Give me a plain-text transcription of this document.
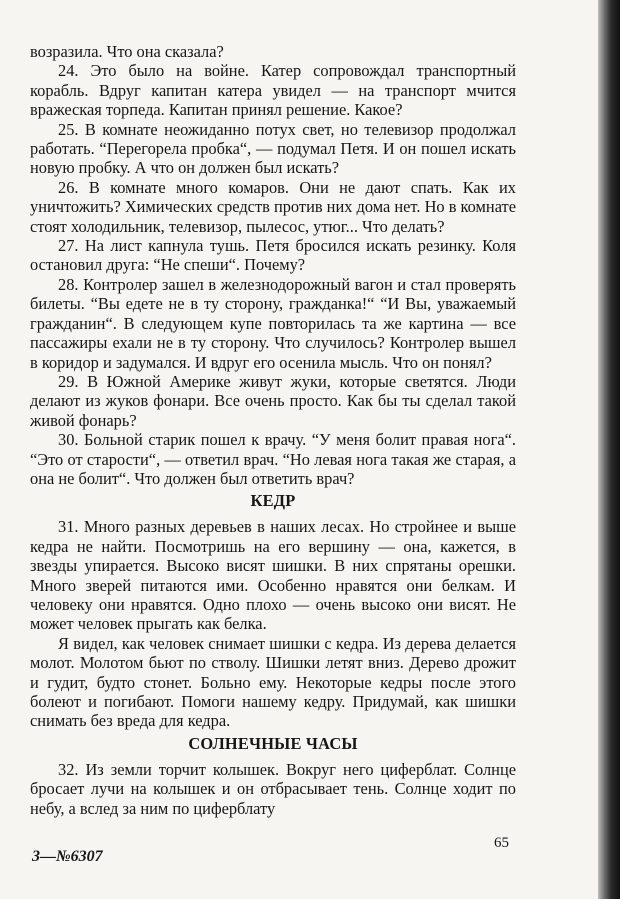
возразила. Что она сказала?

24. Это было на войне. Катер сопровождал транспортный корабль. Вдруг капитан катера увидел — на транспорт мчится вражеская торпеда. Капитан принял решение. Какое?

25. В комнате неожиданно потух свет, но телевизор продолжал работать. “Перегорела пробка“, — подумал Петя. И он пошел искать новую пробку. А что он должен был искать?

26. В комнате много комаров. Они не дают спать. Как их уничтожить? Химических средств против них дома нет. Но в комнате стоят холодильник, телевизор, пылесос, утюг... Что делать?

27. На лист капнула тушь. Петя бросился искать резинку. Коля остановил друга: “Не спеши“. Почему?

28. Контролер зашел в железнодорожный вагон и стал проверять билеты. “Вы едете не в ту сторону, гражданка!“ “И Вы, уважаемый гражданин“. В следующем купе повторилась та же картина — все пассажиры ехали не в ту сторону. Что случилось? Контролер вышел в коридор и задумался. И вдруг его осенила мысль. Что он понял?

29. В Южной Америке живут жуки, которые светятся. Люди делают из жуков фонари. Все очень просто. Как бы ты сделал такой живой фонарь?

30. Больной старик пошел к врачу. “У меня болит правая нога“. “Это от старости“, — ответил врач. “Но левая нога такая же старая, а она не болит“. Что должен был ответить врач?

КЕДР

31. Много разных деревьев в наших лесах. Но стройнее и выше кедра не найти. Посмотришь на его вершину — она, кажется, в звезды упирается. Высоко висят шишки. В них спрятаны орешки. Много зверей питаются ими. Особенно нравятся они белкам. И человеку они нравятся. Одно плохо — очень высоко они висят. Не может человек прыгать как белка.

Я видел, как человек снимает шишки с кедра. Из дерева делается молот. Молотом бьют по стволу. Шишки летят вниз. Дерево дрожит и гудит, будто стонет. Больно ему. Некоторые кедры после этого болеют и погибают. Помоги нашему кедру. Придумай, как шишки снимать без вреда для кедра.

СОЛНЕЧНЫЕ ЧАСЫ

32. Из земли торчит колышек. Вокруг него циферблат. Солнце бросает лучи на колышек и он отбрасывает тень. Солнце ходит по небу, а вслед за ним по циферблату

65
3—№6307
